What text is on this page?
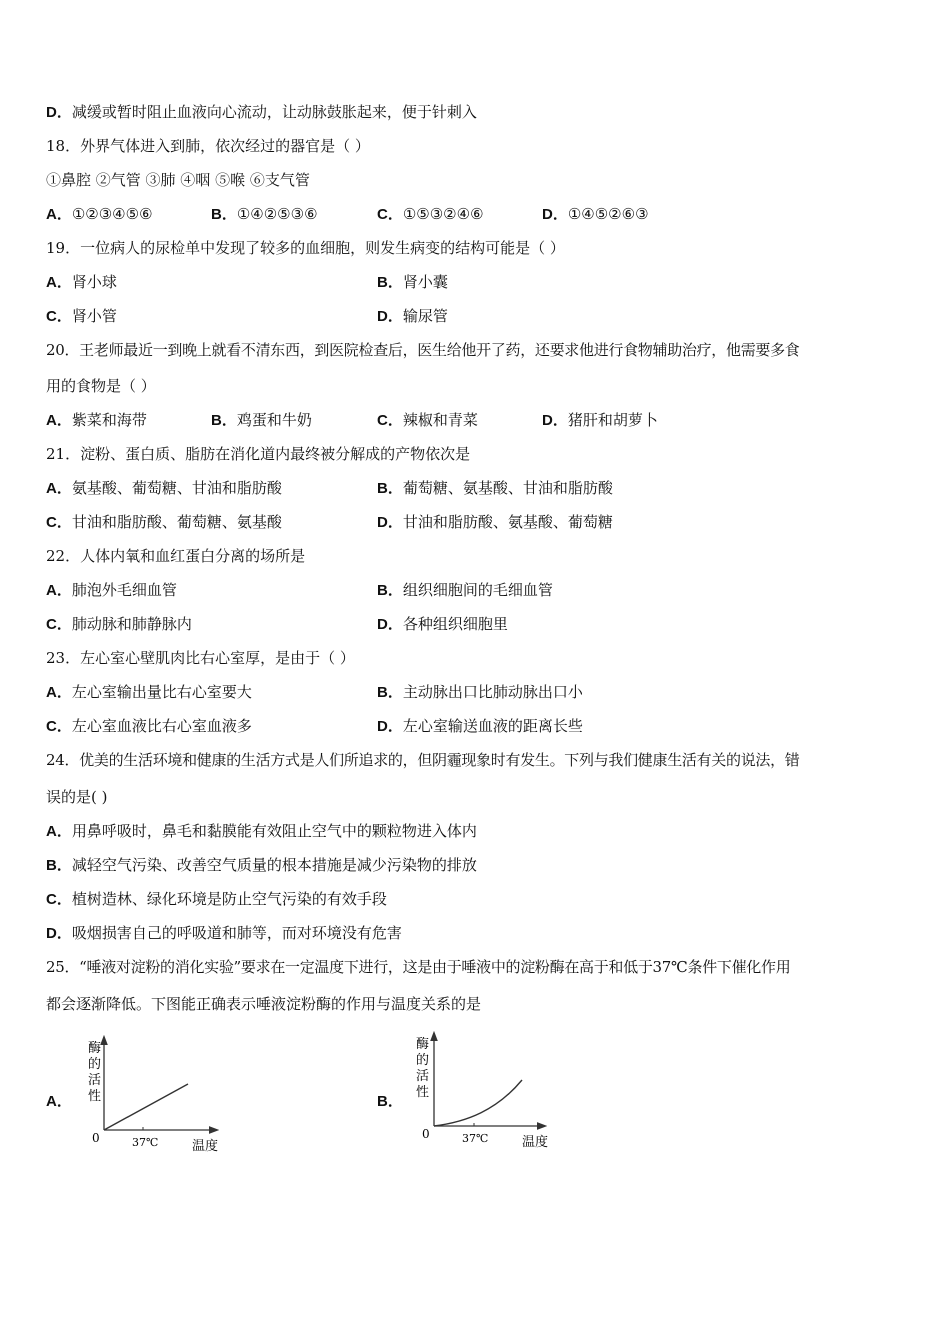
D．减缓或暂时阻止血液向心流动，让动脉鼓胀起来，便于针刺入
18．外界气体进入到肺，依次经过的器官是（ ）
①鼻腔 ②气管 ③肺 ④咽 ⑤喉 ⑥支气管
A．①②③④⑤⑥	B．①④②⑤③⑥	C．①⑤③②④⑥	D．①④⑤②⑥③
19．一位病人的尿检单中发现了较多的血细胞，则发生病变的结构可能是（ ）
A．肾小球	B．肾小囊
C．肾小管	D．输尿管
20．王老师最近一到晚上就看不清东西，到医院检查后，医生给他开了药，还要求他进行食物辅助治疗，他需要多食
用的食物是（ ）
A．紫菜和海带	B．鸡蛋和牛奶	C．辣椒和青菜	D．猪肝和胡萝卜
21．淀粉、蛋白质、脂肪在消化道内最终被分解成的产物依次是
A．氨基酸、葡萄糖、甘油和脂肪酸	B．葡萄糖、氨基酸、甘油和脂肪酸
C．甘油和脂肪酸、葡萄糖、氨基酸	D．甘油和脂肪酸、氨基酸、葡萄糖
22．人体内氧和血红蛋白分离的场所是
A．肺泡外毛细血管	B．组织细胞间的毛细血管
C．肺动脉和肺静脉内	D．各种组织细胞里
23．左心室心壁肌肉比右心室厚，是由于（ ）
A．左心室输出量比右心室要大	B．主动脉出口比肺动脉出口小
C．左心室血液比右心室血液多	D．左心室输送血液的距离长些
24．优美的生活环境和健康的生活方式是人们所追求的，但阴霾现象时有发生。下列与我们健康生活有关的说法，错
误的是( )
A．用鼻呼吸时，鼻毛和黏膜能有效阻止空气中的颗粒物进入体内
B．减轻空气污染、改善空气质量的根本措施是减少污染物的排放
C．植树造林、绿化环境是防止空气污染的有效手段
D．吸烟损害自己的呼吸道和肺等，而对环境没有危害
25．“唾液对淀粉的消化实验”要求在一定温度下进行，这是由于唾液中的淀粉酶在高于和低于37℃条件下催化作用
都会逐渐降低。下图能正确表示唾液淀粉酶的作用与温度关系的是
A．
酶
的
活
性
0	37℃	温度
B．
酶
的
活
性
0	37℃	温度
